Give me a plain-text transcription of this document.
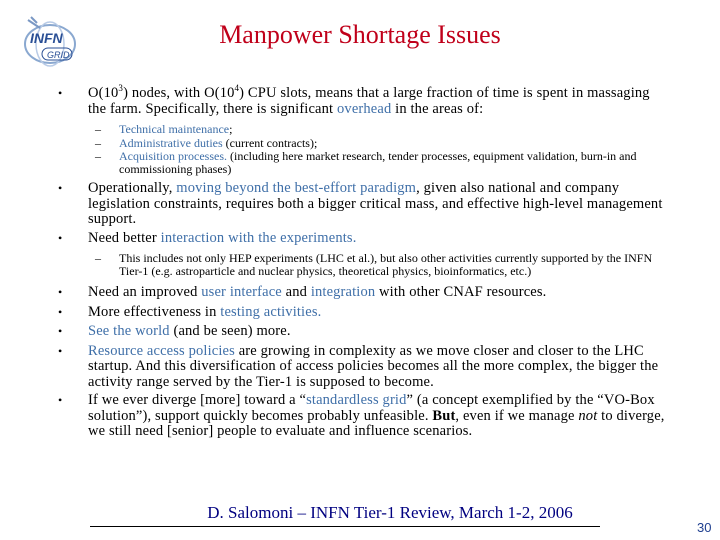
INFN
GRID
Manpower Shortage Issues
• $O(10^3)$ nodes, with $O(10^4)$ CPU slots, means that a large fraction of time is spent in massaging the farm. Specifically, there is significant overhead in the areas of:
– Technical maintenance;
– Administrative duties (current contracts);
– Acquisition processes. (including here market research, tender processes, equipment validation, burn-in and commissioning phases)
• Operationally, moving beyond the best-effort paradigm, given also national and company legislation constraints, requires both a bigger critical mass, and effective high-level management support.
• Need better interaction with the experiments.
– This includes not only HEP experiments (LHC et al.), but also other activities currently supported by the INFN Tier-1 (e.g. astroparticle and nuclear physics, theoretical physics, bioinformatics, etc.)
• Need an improved user interface and integration with other CNAF resources.
• More effectiveness in testing activities.
• See the world (and be seen) more.
• Resource access policies are growing in complexity as we move closer and closer to the LHC startup. And this diversification of access policies becomes all the more complex, the bigger the activity range served by the Tier-1 is supposed to become.
• If we ever diverge [more] toward a “standardless grid” (a concept exemplified by the “VO-Box solution”), support quickly becomes probably unfeasible. But, even if we manage not to diverge, we still need [senior] people to evaluate and influence scenarios.
D. Salomoni – INFN Tier-1 Review, March 1-2, 2006
30
